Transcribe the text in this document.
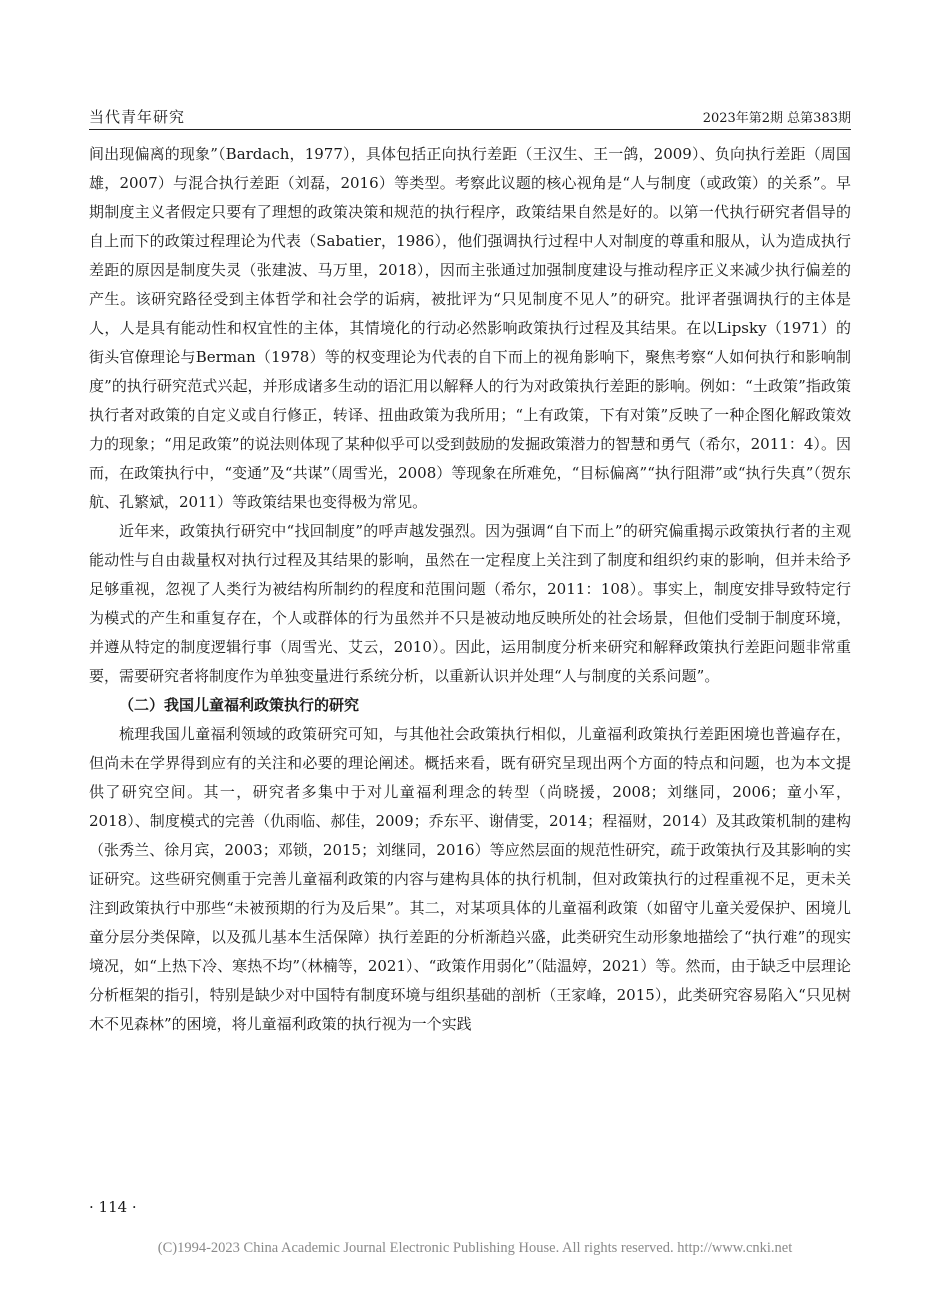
当代青年研究	2023年第2期 总第383期

间出现偏离的现象”（Bardach，1977），具体包括正向执行差距（王汉生、王一鸽，2009）、负向执行差距（周国雄，2007）与混合执行差距（刘磊，2016）等类型。考察此议题的核心视角是“人与制度（或政策）的关系”。早期制度主义者假定只要有了理想的政策决策和规范的执行程序，政策结果自然是好的。以第一代执行研究者倡导的自上而下的政策过程理论为代表（Sabatier，1986），他们强调执行过程中人对制度的尊重和服从，认为造成执行差距的原因是制度失灵（张建波、马万里，2018），因而主张通过加强制度建设与推动程序正义来减少执行偏差的产生。该研究路径受到主体哲学和社会学的诟病，被批评为“只见制度不见人”的研究。批评者强调执行的主体是人，人是具有能动性和权宜性的主体，其情境化的行动必然影响政策执行过程及其结果。在以Lipsky（1971）的街头官僚理论与Berman（1978）等的权变理论为代表的自下而上的视角影响下，聚焦考察“人如何执行和影响制度”的执行研究范式兴起，并形成诸多生动的语汇用以解释人的行为对政策执行差距的影响。例如：“土政策”指政策执行者对政策的自定义或自行修正，转译、扭曲政策为我所用；“上有政策，下有对策”反映了一种企图化解政策效力的现象；“用足政策”的说法则体现了某种似乎可以受到鼓励的发掘政策潜力的智慧和勇气（希尔，2011：4）。因而，在政策执行中，“变通”及“共谋”（周雪光，2008）等现象在所难免，“目标偏离”“执行阻滞”或“执行失真”（贺东航、孔繁斌，2011）等政策结果也变得极为常见。

近年来，政策执行研究中“找回制度”的呼声越发强烈。因为强调“自下而上”的研究偏重揭示政策执行者的主观能动性与自由裁量权对执行过程及其结果的影响，虽然在一定程度上关注到了制度和组织约束的影响，但并未给予足够重视，忽视了人类行为被结构所制约的程度和范围问题（希尔，2011：108）。事实上，制度安排导致特定行为模式的产生和重复存在，个人或群体的行为虽然并不只是被动地反映所处的社会场景，但他们受制于制度环境，并遵从特定的制度逻辑行事（周雪光、艾云，2010）。因此，运用制度分析来研究和解释政策执行差距问题非常重要，需要研究者将制度作为单独变量进行系统分析，以重新认识并处理“人与制度的关系问题”。

（二）我国儿童福利政策执行的研究

梳理我国儿童福利领域的政策研究可知，与其他社会政策执行相似，儿童福利政策执行差距困境也普遍存在，但尚未在学界得到应有的关注和必要的理论阐述。概括来看，既有研究呈现出两个方面的特点和问题，也为本文提供了研究空间。其一，研究者多集中于对儿童福利理念的转型（尚晓援，2008；刘继同，2006；童小军，2018）、制度模式的完善（仇雨临、郝佳，2009；乔东平、谢倩雯，2014；程福财，2014）及其政策机制的建构（张秀兰、徐月宾，2003；邓锁，2015；刘继同，2016）等应然层面的规范性研究，疏于政策执行及其影响的实证研究。这些研究侧重于完善儿童福利政策的内容与建构具体的执行机制，但对政策执行的过程重视不足，更未关注到政策执行中那些“未被预期的行为及后果”。其二，对某项具体的儿童福利政策（如留守儿童关爱保护、困境儿童分层分类保障，以及孤儿基本生活保障）执行差距的分析渐趋兴盛，此类研究生动形象地描绘了“执行难”的现实境况，如“上热下冷、寒热不均”（林楠等，2021）、“政策作用弱化”（陆温婷，2021）等。然而，由于缺乏中层理论分析框架的指引，特别是缺少对中国特有制度环境与组织基础的剖析（王家峰，2015），此类研究容易陷入“只见树木不见森林”的困境，将儿童福利政策的执行视为一个实践

· 114 ·
(C)1994-2023 China Academic Journal Electronic Publishing House. All rights reserved. http://www.cnki.net
